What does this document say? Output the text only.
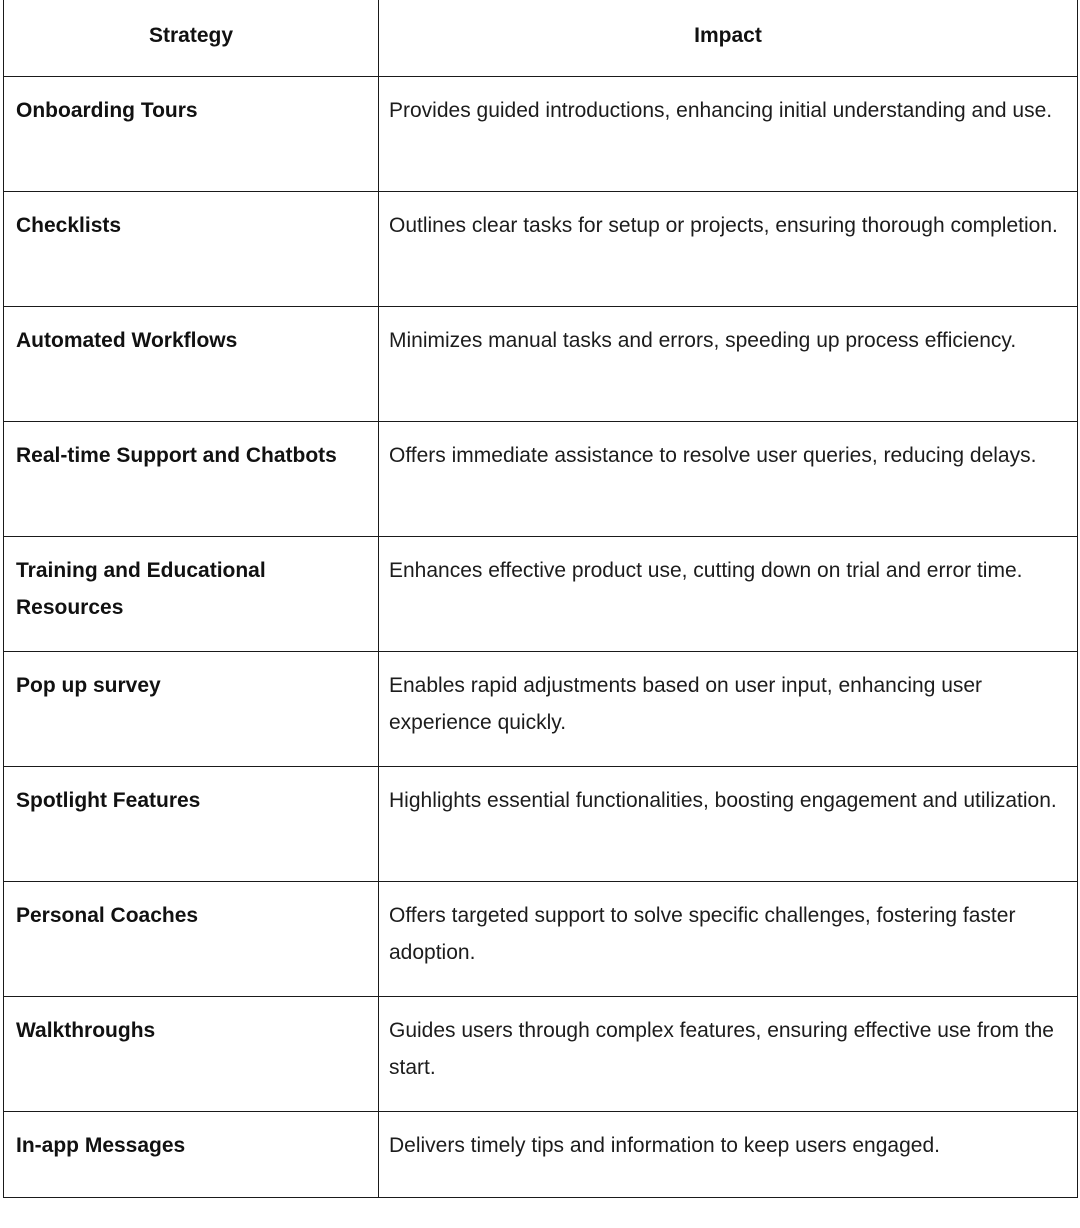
Strategy	Impact
Onboarding Tours	Provides guided introductions, enhancing initial understanding and use.
Checklists	Outlines clear tasks for setup or projects, ensuring thorough completion.
Automated Workflows	Minimizes manual tasks and errors, speeding up process efficiency.
Real-time Support and Chatbots	Offers immediate assistance to resolve user queries, reducing delays.
Training and Educational Resources	Enhances effective product use, cutting down on trial and error time.
Pop up survey	Enables rapid adjustments based on user input, enhancing user experience quickly.
Spotlight Features	Highlights essential functionalities, boosting engagement and utilization.
Personal Coaches	Offers targeted support to solve specific challenges, fostering faster adoption.
Walkthroughs	Guides users through complex features, ensuring effective use from the start.
In-app Messages	Delivers timely tips and information to keep users engaged.
